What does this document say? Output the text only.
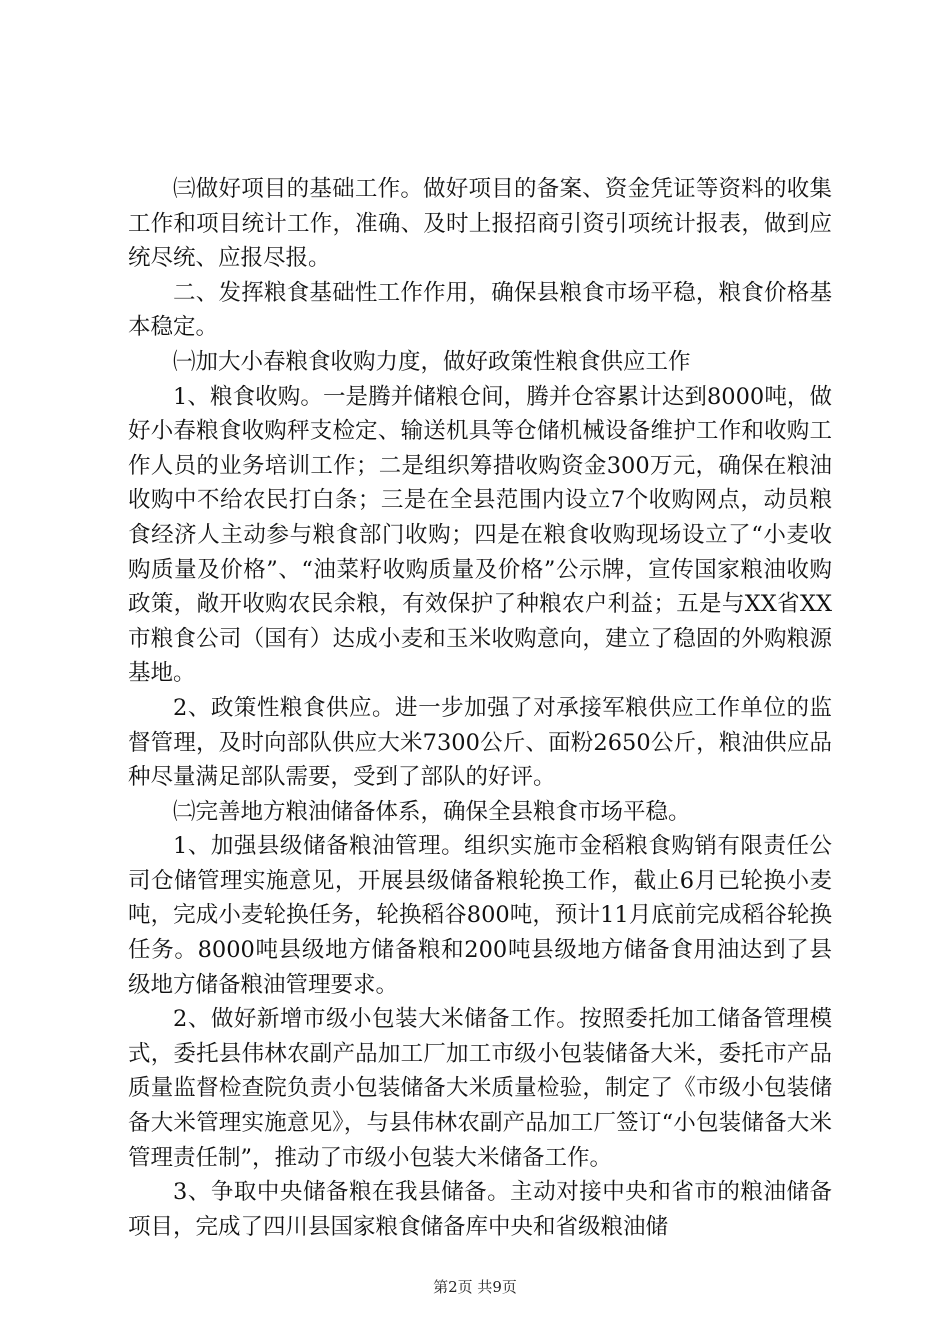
㈢做好项目的基础工作。做好项目的备案、资金凭证等资料的收集工作和项目统计工作，准确、及时上报招商引资引项统计报表，做到应统尽统、应报尽报。

二、发挥粮食基础性工作作用，确保县粮食市场平稳，粮食价格基本稳定。

㈠加大小春粮食收购力度，做好政策性粮食供应工作

1、粮食收购。一是腾并储粮仓间，腾并仓容累计达到8000吨，做好小春粮食收购秤支检定、输送机具等仓储机械设备维护工作和收购工作人员的业务培训工作；二是组织筹措收购资金300万元，确保在粮油收购中不给农民打白条；三是在全县范围内设立7个收购网点，动员粮食经济人主动参与粮食部门收购；四是在粮食收购现场设立了“小麦收购质量及价格”、“油菜籽收购质量及价格”公示牌，宣传国家粮油收购政策，敞开收购农民余粮，有效保护了种粮农户利益；五是与XX省XX市粮食公司（国有）达成小麦和玉米收购意向，建立了稳固的外购粮源基地。

2、政策性粮食供应。进一步加强了对承接军粮供应工作单位的监督管理，及时向部队供应大米7300公斤、面粉2650公斤，粮油供应品种尽量满足部队需要，受到了部队的好评。

㈡完善地方粮油储备体系，确保全县粮食市场平稳。

1、加强县级储备粮油管理。组织实施市金稻粮食购销有限责任公司仓储管理实施意见，开展县级储备粮轮换工作，截止6月已轮换小麦吨，完成小麦轮换任务，轮换稻谷800吨，预计11月底前完成稻谷轮换任务。8000吨县级地方储备粮和200吨县级地方储备食用油达到了县级地方储备粮油管理要求。

2、做好新增市级小包装大米储备工作。按照委托加工储备管理模式，委托县伟林农副产品加工厂加工市级小包装储备大米，委托市产品质量监督检查院负责小包装储备大米质量检验，制定了《市级小包装储备大米管理实施意见》，与县伟林农副产品加工厂签订“小包装储备大米管理责任制”，推动了市级小包装大米储备工作。

3、争取中央储备粮在我县储备。主动对接中央和省市的粮油储备项目，完成了四川县国家粮食储备库中央和省级粮油储

第2页 共9页
